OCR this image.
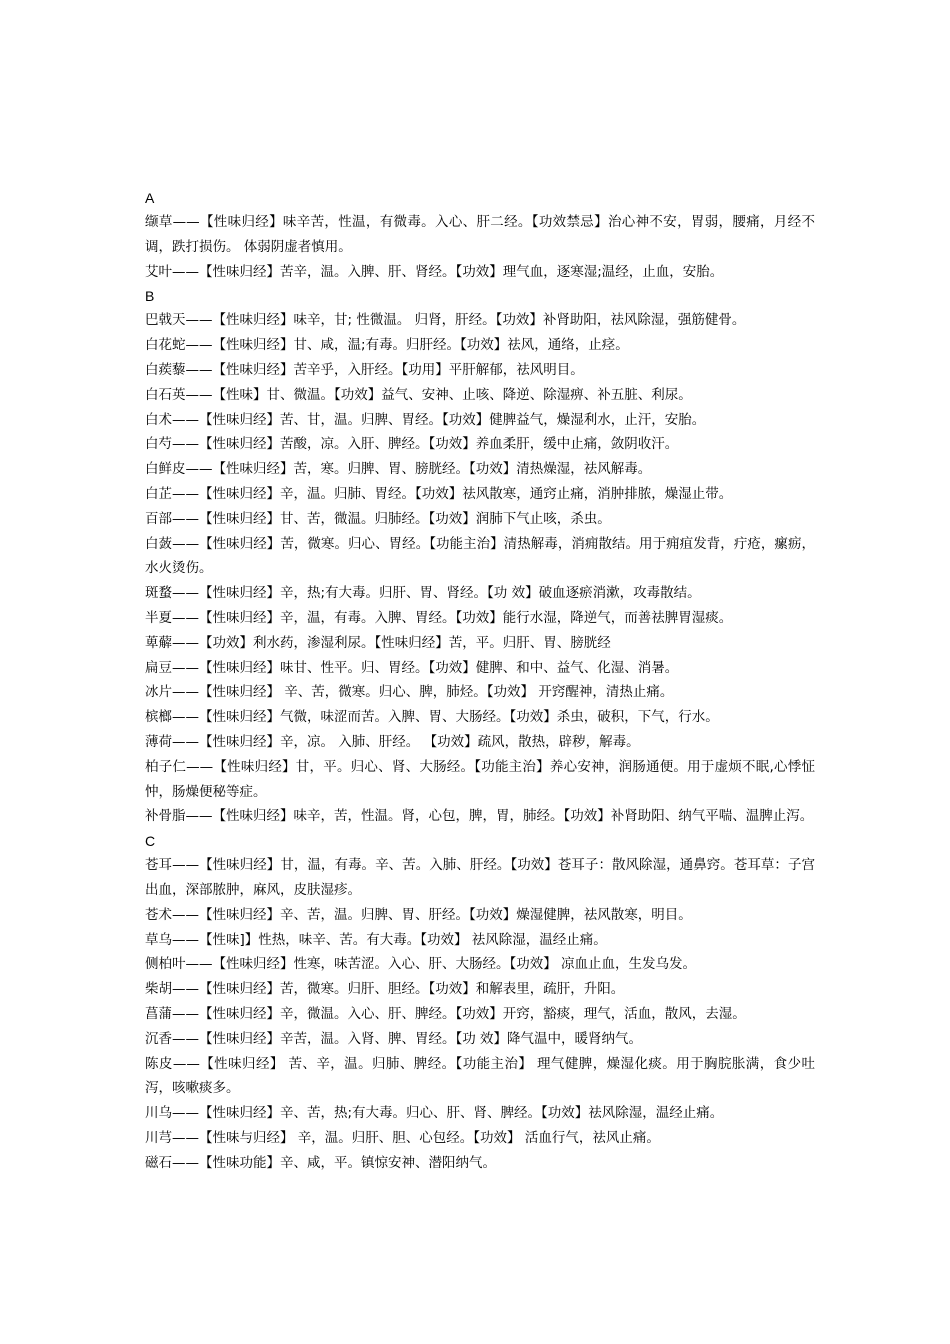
A
缬草——【性味归经】味辛苦，性温，有微毒。入心、肝二经。【功效禁忌】治心神不安，胃弱，腰痛，月经不调，跌打损伤。 体弱阴虚者慎用。
艾叶——【性味归经】苦辛，温。入脾、肝、肾经。【功效】理气血，逐寒湿;温经，止血，安胎。
B
巴戟天——【性味归经】味辛，甘; 性微温。 归肾，肝经。【功效】补肾助阳，祛风除湿，强筋健骨。
白花蛇——【性味归经】甘、咸，温;有毒。归肝经。【功效】祛风，通络，止痉。
白蒺藜——【性味归经】苦辛乎，入肝经。【功用】平肝解郁，祛风明目。
白石英——【性味】甘、微温。【功效】益气、安神、止咳、降逆、除湿痹、补五脏、利尿。
白术——【性味归经】苦、甘，温。归脾、胃经。【功效】健脾益气，燥湿利水，止汗，安胎。
白芍——【性味归经】苦酸，凉。入肝、脾经。【功效】养血柔肝，缓中止痛，敛阴收汗。
白鲜皮——【性味归经】苦，寒。归脾、胃、膀胱经。【功效】清热燥湿，祛风解毒。
白芷——【性味归经】辛，温。归肺、胃经。【功效】祛风散寒，通窍止痛，消肿排脓，燥湿止带。
百部——【性味归经】甘、苦，微温。归肺经。【功效】润肺下气止咳，杀虫。
白蔹——【性味归经】苦，微寒。归心、胃经。【功能主治】清热解毒，消痈散结。用于痈疽发背，疔疮，瘰疬，水火烫伤。
斑蝥——【性味归经】辛，热;有大毒。归肝、胃、肾经。【功 效】破血逐瘀消漱，攻毒散结。
半夏——【性味归经】辛，温，有毒。入脾、胃经。【功效】能行水湿，降逆气，而善祛脾胃湿痰。
萆薢——【功效】利水药，渗湿利尿。【性味归经】苦，平。归肝、胃、膀胱经
扁豆——【性味归经】味甘、性平。归、胃经。【功效】健脾、和中、益气、化湿、消暑。
冰片——【性味归经】 辛、苦，微寒。归心、脾，肺烃。【功效】 开窍醒神，清热止痛。
槟榔——【性味归经】气微，味涩而苦。入脾、胃、大肠经。【功效】杀虫，破积，下气，行水。
薄荷——【性味归经】辛，凉。 入肺、肝经。 【功效】疏风，散热，辟秽，解毒。
柏子仁——【性味归经】甘，平。归心、肾、大肠经。【功能主治】养心安神，润肠通便。用于虚烦不眠,心悸怔忡，肠燥便秘等症。
补骨脂——【性味归经】味辛，苦，性温。肾，心包，脾，胃，肺经。【功效】补肾助阳、纳气平喘、温脾止泻。
C
苍耳——【性味归经】甘，温，有毒。辛、苦。入肺、肝经。【功效】苍耳子：散风除湿，通鼻窍。苍耳草：子宫出血，深部脓肿，麻风，皮肤湿疹。
苍术——【性味归经】辛、苦，温。归脾、胃、肝经。【功效】燥湿健脾，祛风散寒，明目。
草乌——【性味]】性热，味辛、苦。有大毒。【功效】 祛风除湿，温经止痛。
侧柏叶——【性味归经】性寒，味苦涩。入心、肝、大肠经。【功效】 凉血止血，生发乌发。
柴胡——【性味归经】苦，微寒。归肝、胆经。【功效】和解表里，疏肝，升阳。
菖蒲——【性味归经】辛，微温。入心、肝、脾经。【功效】开窍，豁痰，理气，活血，散风，去湿。
沉香——【性味归经】辛苦，温。入肾、脾、胃经。【功 效】降气温中，暖肾纳气。
陈皮——【性味归经】 苦、辛，温。归肺、脾经。【功能主治】 理气健脾，燥湿化痰。用于胸脘胀满，食少吐泻，咳嗽痰多。
川乌——【性味归经】辛、苦，热;有大毒。归心、肝、肾、脾经。【功效】祛风除湿，温经止痛。
川芎——【性味与归经】 辛，温。归肝、胆、心包经。【功效】 活血行气，祛风止痛。
磁石——【性味功能】辛、咸，平。镇惊安神、潜阳纳气。
